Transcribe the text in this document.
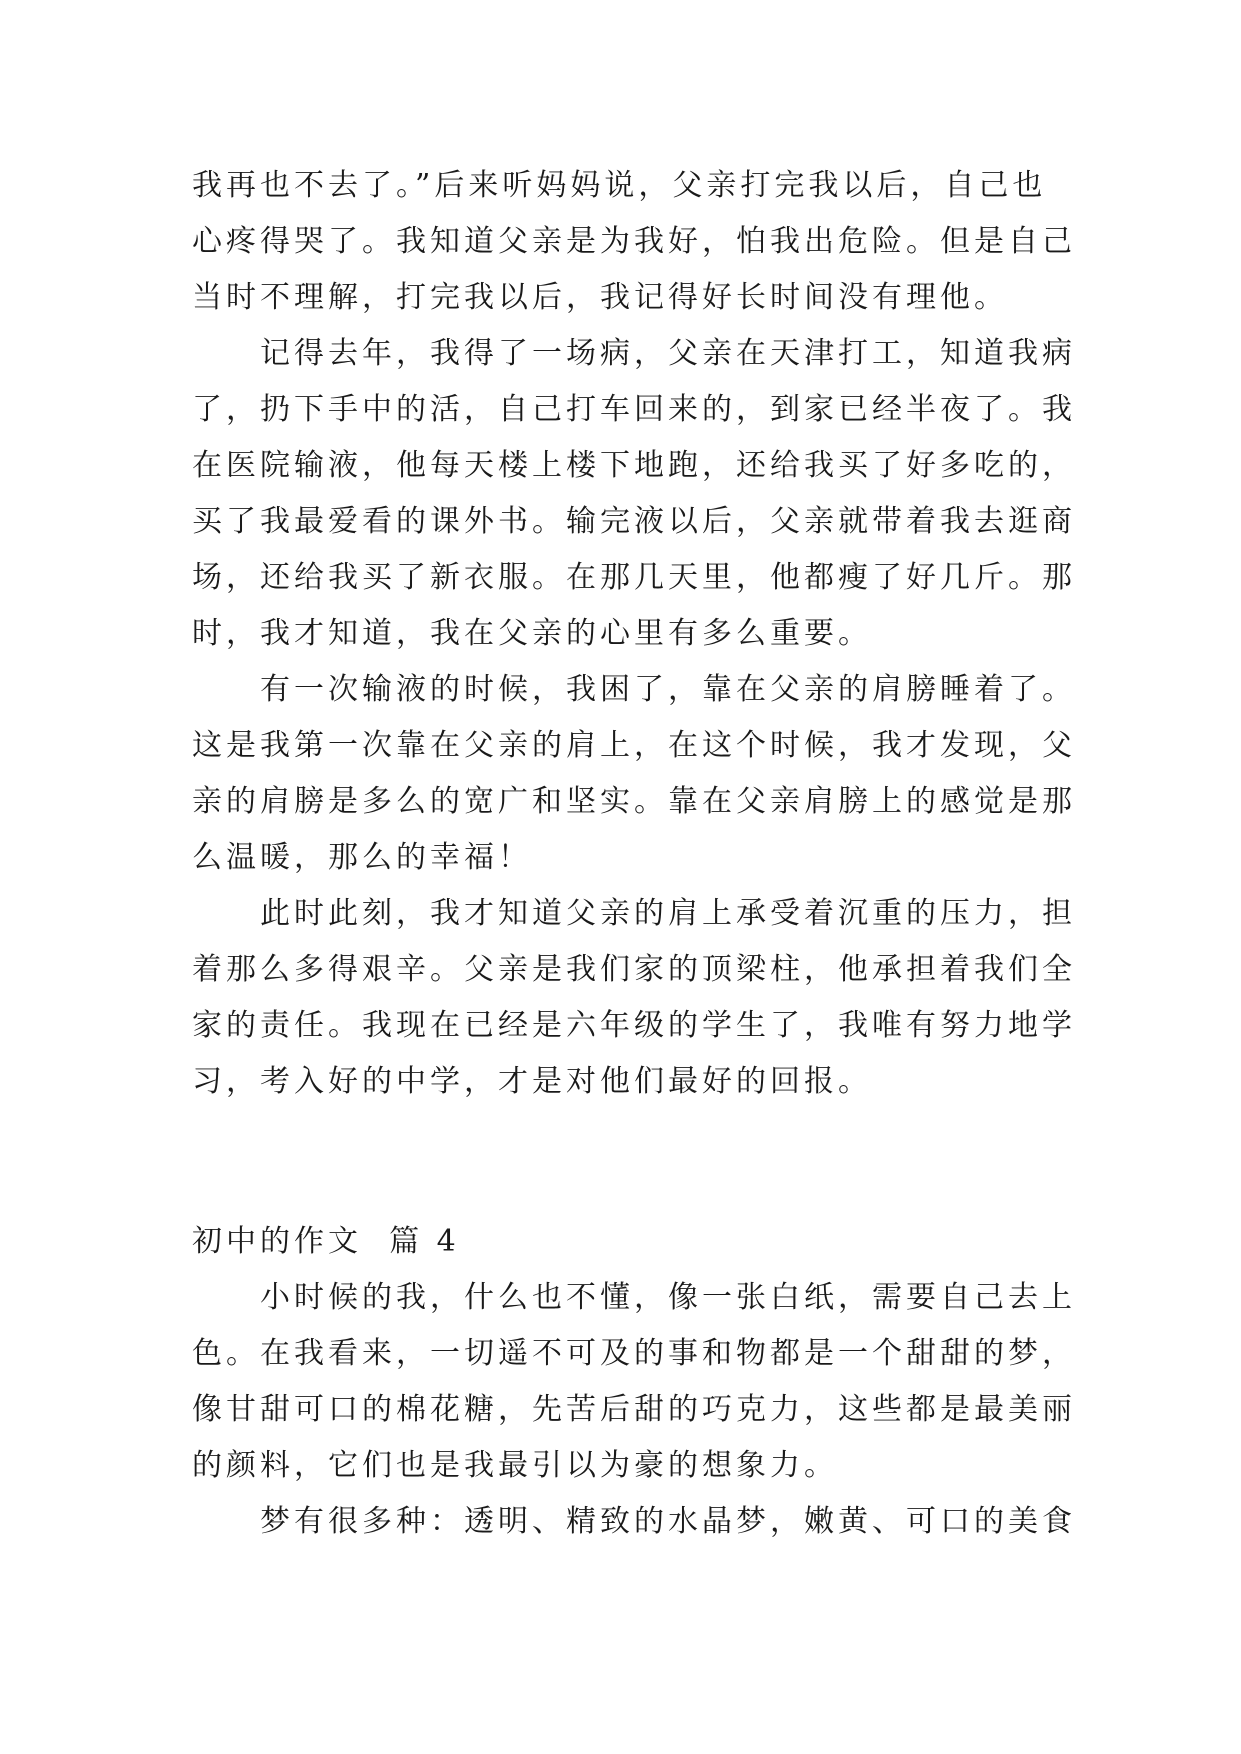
我再也不去了。”后来听妈妈说，父亲打完我以后，自己也

心疼得哭了。我知道父亲是为我好，怕我出危险。但是自己

当时不理解，打完我以后，我记得好长时间没有理他。

　　记得去年，我得了一场病，父亲在天津打工，知道我病

了，扔下手中的活，自己打车回来的，到家已经半夜了。我

在医院输液，他每天楼上楼下地跑，还给我买了好多吃的，

买了我最爱看的课外书。输完液以后，父亲就带着我去逛商

场，还给我买了新衣服。在那几天里，他都瘦了好几斤。那

时，我才知道，我在父亲的心里有多么重要。

　　有一次输液的时候，我困了，靠在父亲的肩膀睡着了。

这是我第一次靠在父亲的肩上，在这个时候，我才发现，父

亲的肩膀是多么的宽广和坚实。靠在父亲肩膀上的感觉是那

么温暖，那么的幸福！

　　此时此刻，我才知道父亲的肩上承受着沉重的压力，担

着那么多得艰辛。父亲是我们家的顶梁柱，他承担着我们全

家的责任。我现在已经是六年级的学生了，我唯有努力地学

习，考入好的中学，才是对他们最好的回报。

初中的作文  篇 4

　　小时候的我，什么也不懂，像一张白纸，需要自己去上

色。在我看来，一切遥不可及的事和物都是一个甜甜的梦，

像甘甜可口的棉花糖，先苦后甜的巧克力，这些都是最美丽

的颜料，它们也是我最引以为豪的想象力。

　　梦有很多种：透明、精致的水晶梦，嫩黄、可口的美食
